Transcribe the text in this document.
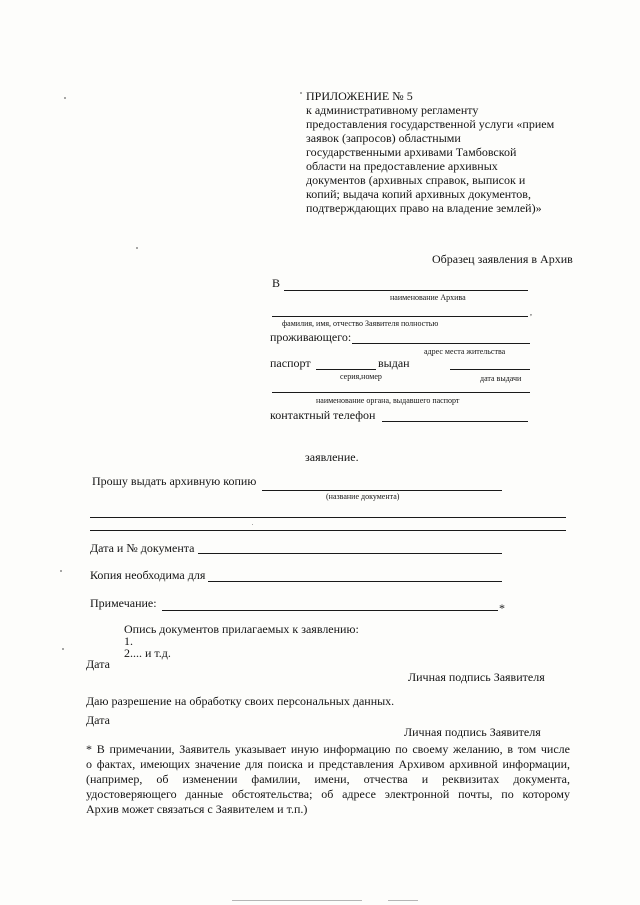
ПРИЛОЖЕНИЕ № 5
к административному регламенту
предоставления государственной услуги «прием
заявок (запросов) областными
государственными архивами Тамбовской
области на предоставление архивных
документов (архивных справок, выписок и
копий; выдача копий архивных документов,
подтверждающих право на владение землей)»
Образец заявления в Архив
В
наименование Архива
,
фамилия, имя, отчество Заявителя полностью
проживающего:
адрес места жительства
паспорт	выдан
серия,номер	дата выдачи
наименование органа, выдавшего паспорт
контактный телефон
заявление.
Прошу выдать архивную копию
(название документа)
Дата и № документа
Копия необходима для
Примечание:	*
Опись документов прилагаемых к заявлению:
1.
2.... и т.д.
Дата
Личная подпись Заявителя
Даю разрешение на обработку своих персональных данных.
Дата
Личная подпись Заявителя
* В примечании, Заявитель указывает иную информацию по своему желанию, в том числе
о фактах, имеющих значение для поиска и представления Архивом архивной информации,
(например, об изменении фамилии, имени, отчества и реквизитах документа,
удостоверяющего данные обстоятельства; об адресе электронной почты, по которому
Архив может связаться с Заявителем и т.п.)
